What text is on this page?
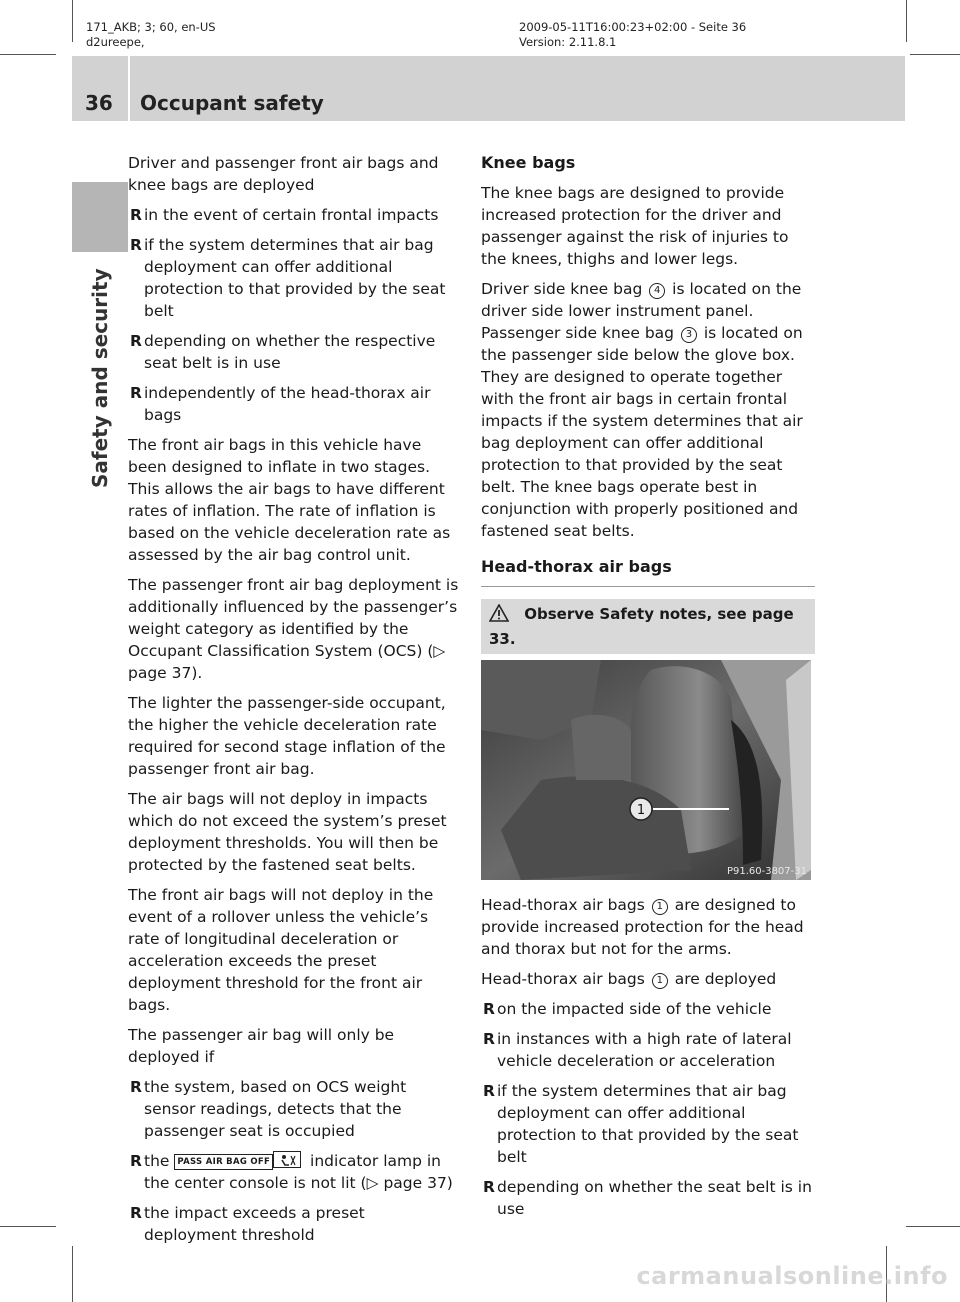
171_AKB; 3; 60, en-US
d2ureepe,
2009-05-11T16:00:23+02:00 - Seite 36
Version: 2.11.8.1
36 Occupant safety
Safety and security

Driver and passenger front air bags and knee bags are deployed

R in the event of certain frontal impacts
R if the system determines that air bag deployment can offer additional protection to that provided by the seat belt
R depending on whether the respective seat belt is in use
R independently of the head-thorax air bags

The front air bags in this vehicle have been designed to inflate in two stages. This allows the air bags to have different rates of inflation. The rate of inflation is based on the vehicle deceleration rate as assessed by the air bag control unit.

The passenger front air bag deployment is additionally influenced by the passenger’s weight category as identified by the Occupant Classification System (OCS) (▷ page 37).

The lighter the passenger-side occupant, the higher the vehicle deceleration rate required for second stage inflation of the passenger front air bag.

The air bags will not deploy in impacts which do not exceed the system’s preset deployment thresholds. You will then be protected by the fastened seat belts.

The front air bags will not deploy in the event of a rollover unless the vehicle’s rate of longitudinal deceleration or acceleration exceeds the preset deployment threshold for the front air bags.

The passenger air bag will only be deployed if

R the system, based on OCS weight sensor readings, detects that the passenger seat is occupied
R the PASS AIR BAG OFF	indicator lamp in the center console is not lit (▷ page 37)
R the impact exceeds a preset deployment threshold

Knee bags

The knee bags are designed to provide increased protection for the driver and passenger against the risk of injuries to the knees, thighs and lower legs.

Driver side knee bag 4 is located on the driver side lower instrument panel. Passenger side knee bag 3 is located on the passenger side below the glove box. They are designed to operate together with the front air bags in certain frontal impacts if the system determines that air bag deployment can offer additional protection to that provided by the seat belt. The knee bags operate best in conjunction with properly positioned and fastened seat belts.

Head-thorax air bags

Observe Safety notes, see page 33.
1
P91.60-3807-31

Head-thorax air bags 1 are designed to provide increased protection for the head and thorax but not for the arms.

Head-thorax air bags 1 are deployed

R on the impacted side of the vehicle
R in instances with a high rate of lateral vehicle deceleration or acceleration
R if the system determines that air bag deployment can offer additional protection to that provided by the seat belt
R depending on whether the seat belt is in use
carmanualsonline.info
